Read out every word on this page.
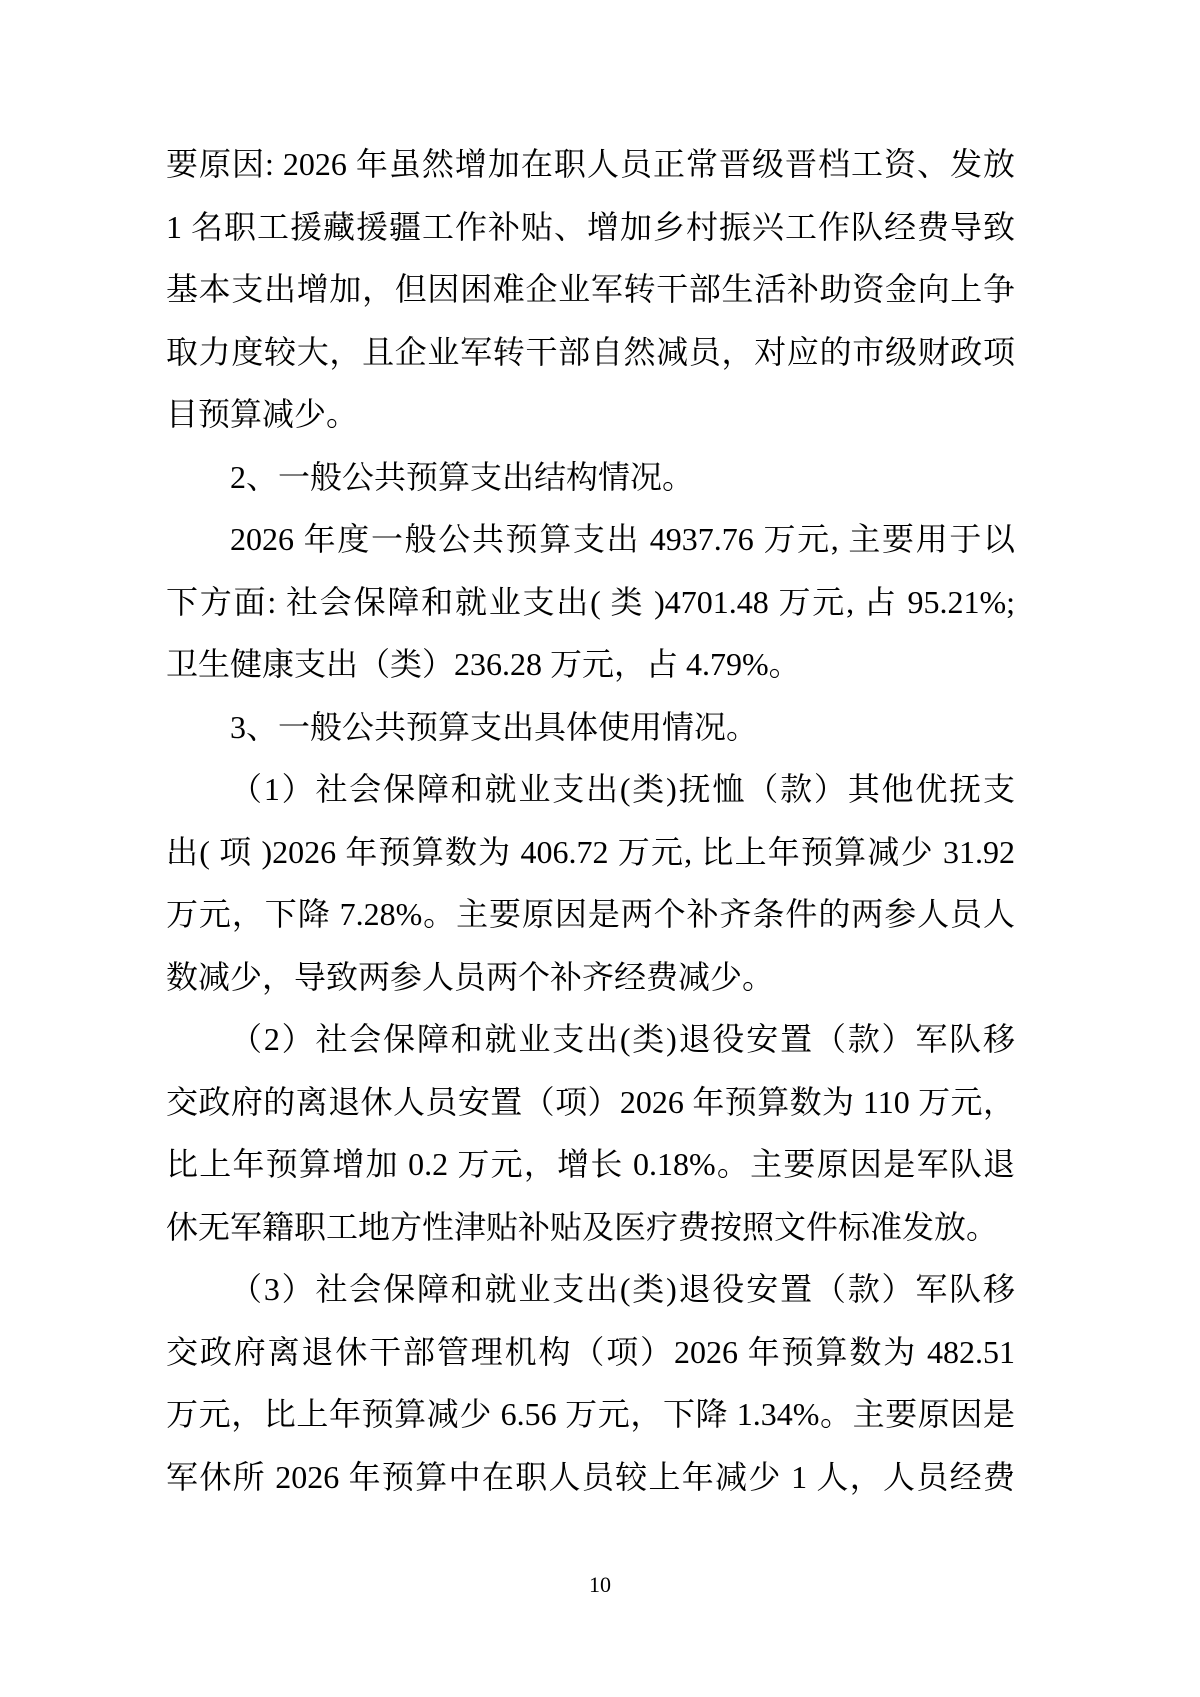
要原因: 2026 年虽然增加在职人员正常晋级晋档工资、发放
1 名职工援藏援疆工作补贴、增加乡村振兴工作队经费导致
基本支出增加，但因困难企业军转干部生活补助资金向上争
取力度较大，且企业军转干部自然减员，对应的市级财政项
目预算减少。
2、一般公共预算支出结构情况。
2026 年度一般公共预算支出 4937.76 万元, 主要用于以
下方面: 社会保障和就业支出( 类 )4701.48 万元, 占 95.21%;
卫生健康支出（类）236.28 万元，占 4.79%。
3、一般公共预算支出具体使用情况。
（1）社会保障和就业支出(类)抚恤（款）其他优抚支
出( 项 )2026 年预算数为 406.72 万元, 比上年预算减少 31.92
万元，下降 7.28%。主要原因是两个补齐条件的两参人员人
数减少，导致两参人员两个补齐经费减少。
（2）社会保障和就业支出(类)退役安置（款）军队移
交政府的离退休人员安置（项）2026 年预算数为 110 万元，
比上年预算增加 0.2 万元，增长 0.18%。主要原因是军队退
休无军籍职工地方性津贴补贴及医疗费按照文件标准发放。
（3）社会保障和就业支出(类)退役安置（款）军队移
交政府离退休干部管理机构（项）2026 年预算数为 482.51
万元，比上年预算减少 6.56 万元，下降 1.34%。主要原因是
军休所 2026 年预算中在职人员较上年减少 1 人，人员经费
10
